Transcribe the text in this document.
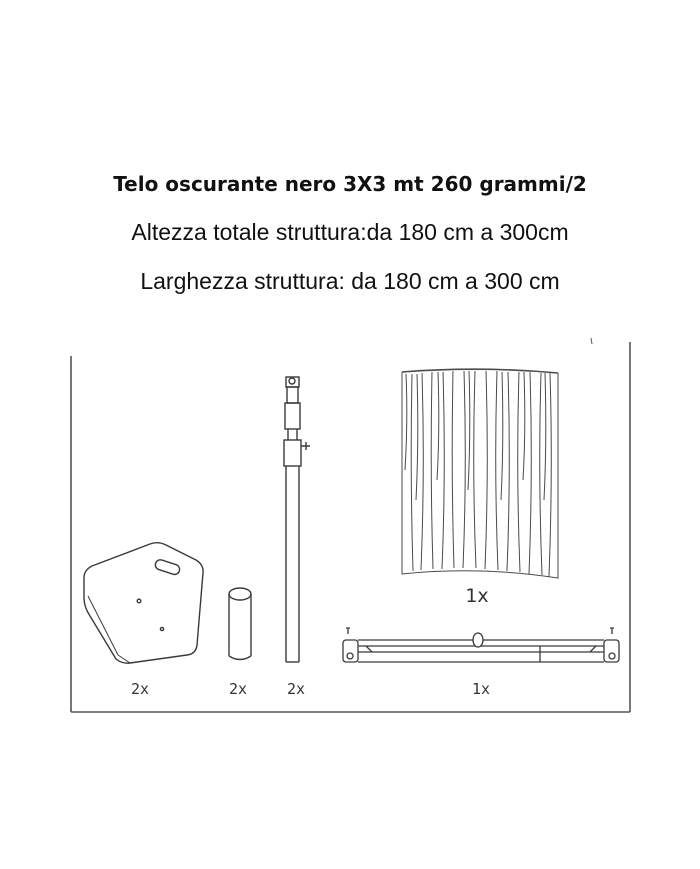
Telo oscurante nero 3X3 mt 260 grammi/2
Altezza totale struttura:da 180 cm a 300cm
Larghezza struttura: da 180 cm a 300 cm
2x	2x	2x
1x
1x
